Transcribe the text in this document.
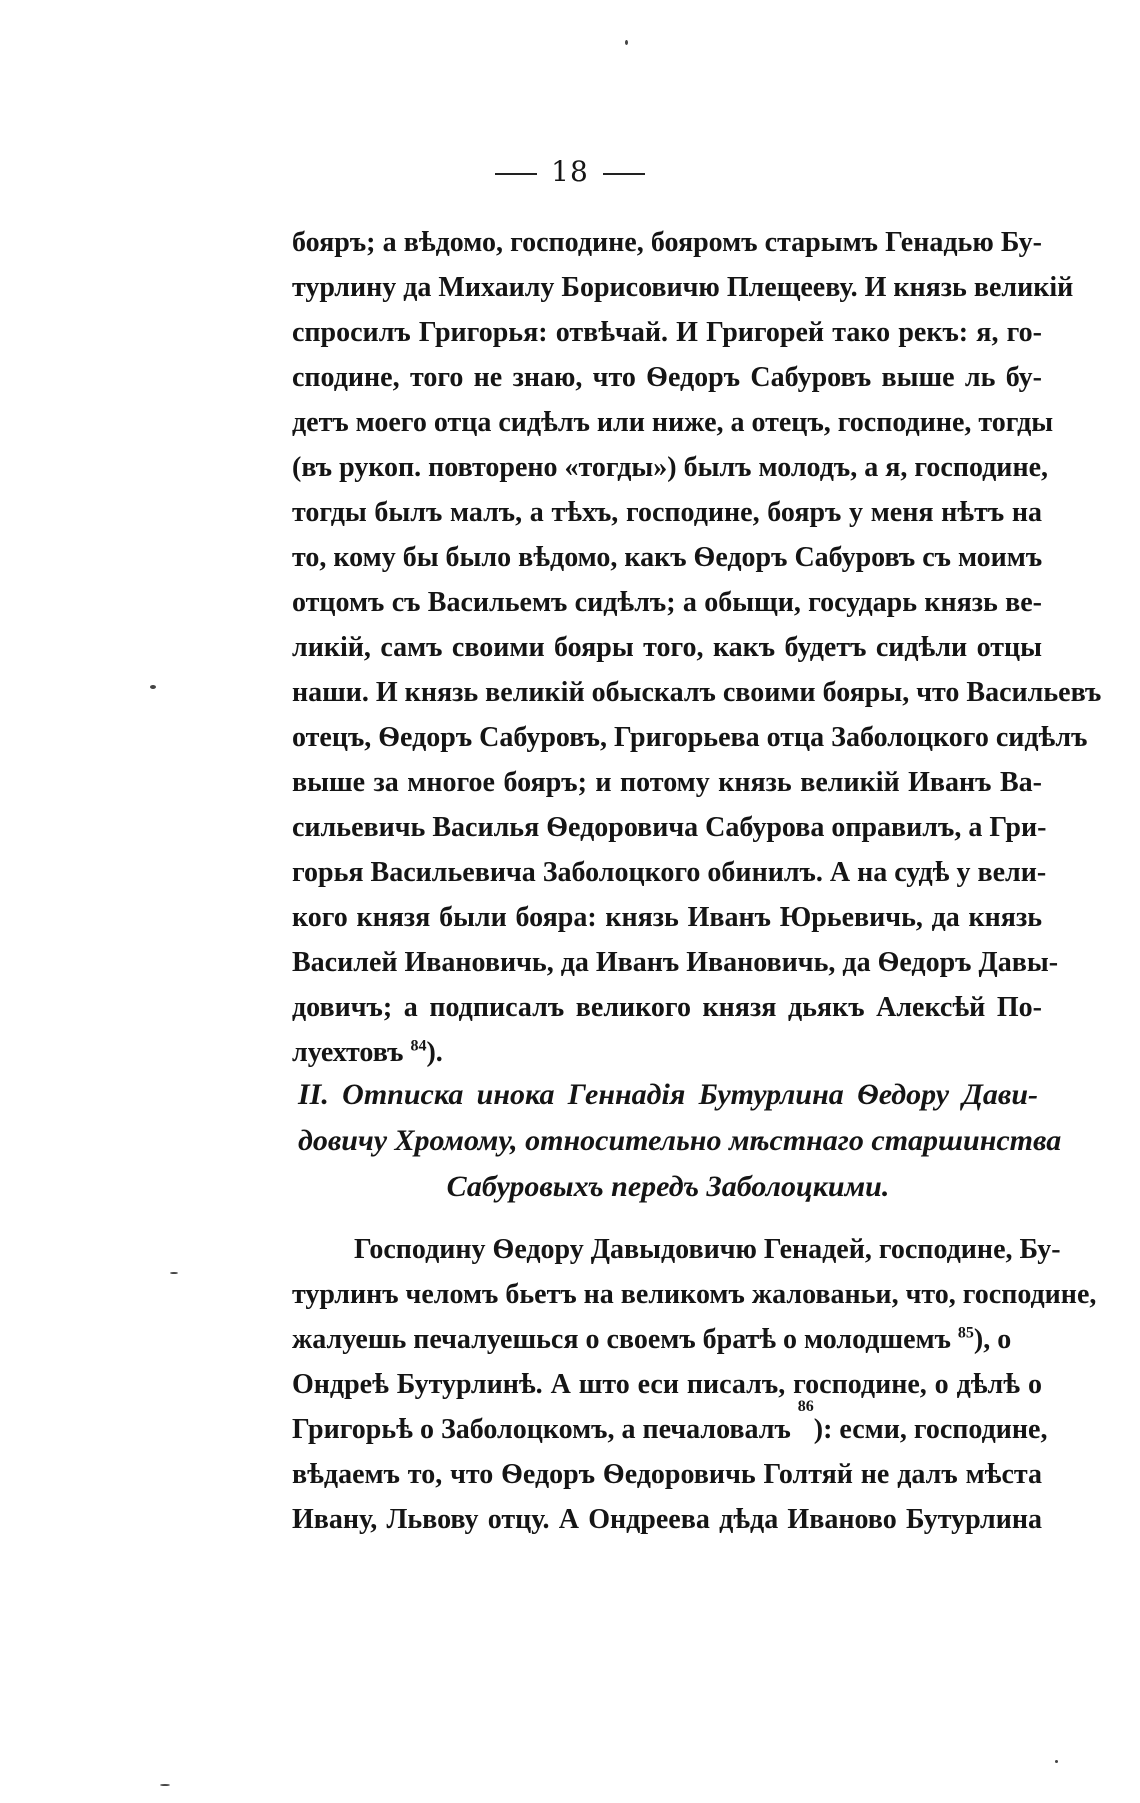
18
бояръ; а вѣдомо, господине, бояромъ старымъ Генадью Бу-
турлину да Михаилу Борисовичю Плещееву. И князь великiй
спросилъ Григорья: отвѣчай. И Григорей тако рекъ: я, го-
сподине, того не знаю, что Ѳедоръ Сабуровъ выше ль бу-
детъ моего отца сидѣлъ или ниже, а отецъ, господине, тогды
(въ рукоп. повторено «тогды») былъ молодъ, а я, господине,
тогды былъ малъ, а тѣхъ, господине, бояръ у меня нѣтъ на
то, кому бы было вѣдомо, какъ Ѳедоръ Сабуровъ съ моимъ
отцомъ съ Васильемъ сидѣлъ; а обыщи, государь князь ве-
ликiй, самъ своими бояры того, какъ будетъ сидѣли отцы
наши. И князь великiй обыскалъ своими бояры, что Васильевъ
отецъ, Ѳедоръ Сабуровъ, Григорьева отца Заболоцкого сидѣлъ
выше за многое бояръ; и потому князь великiй Иванъ Ва-
сильевичь Василья Ѳедоровича Сабурова оправилъ, а Гри-
горья Васильевича Заболоцкого обинилъ. А на судѣ у вели-
кого князя были бояра: князь Иванъ Юрьевичь, да князь
Василей Ивановичь, да Иванъ Ивановичь, да Ѳедоръ Давы-
довичъ; а подписалъ великого князя дьякъ Алексѣй По-
луехтовъ $^{84}$).
II. Отписка инока Геннадiя Бутурлина Ѳедору Дави-
довичу Хромому, относительно мѣстнаго старшинства
Сабуровыхъ передъ Заболоцкими.
Господину Ѳедору Давыдовичю Генадей, господине, Бу-
турлинъ челомъ бьетъ на великомъ жалованьи, что, господине,
жалуешь печалуешься о своемъ братѣ о молодшемъ $^{85}$), о
Ондреѣ Бутурлинѣ. А што еси писалъ, господине, о дѣлѣ о
Григорьѣ о Заболоцкомъ, а печаловалъ

86
): есми, господине,
вѣдаемъ то, что Ѳедоръ Ѳедоровичь Голтяй не далъ мѣста
Ивану, Львову отцу. А Ондреева дѣда Иваново Бутурлина
